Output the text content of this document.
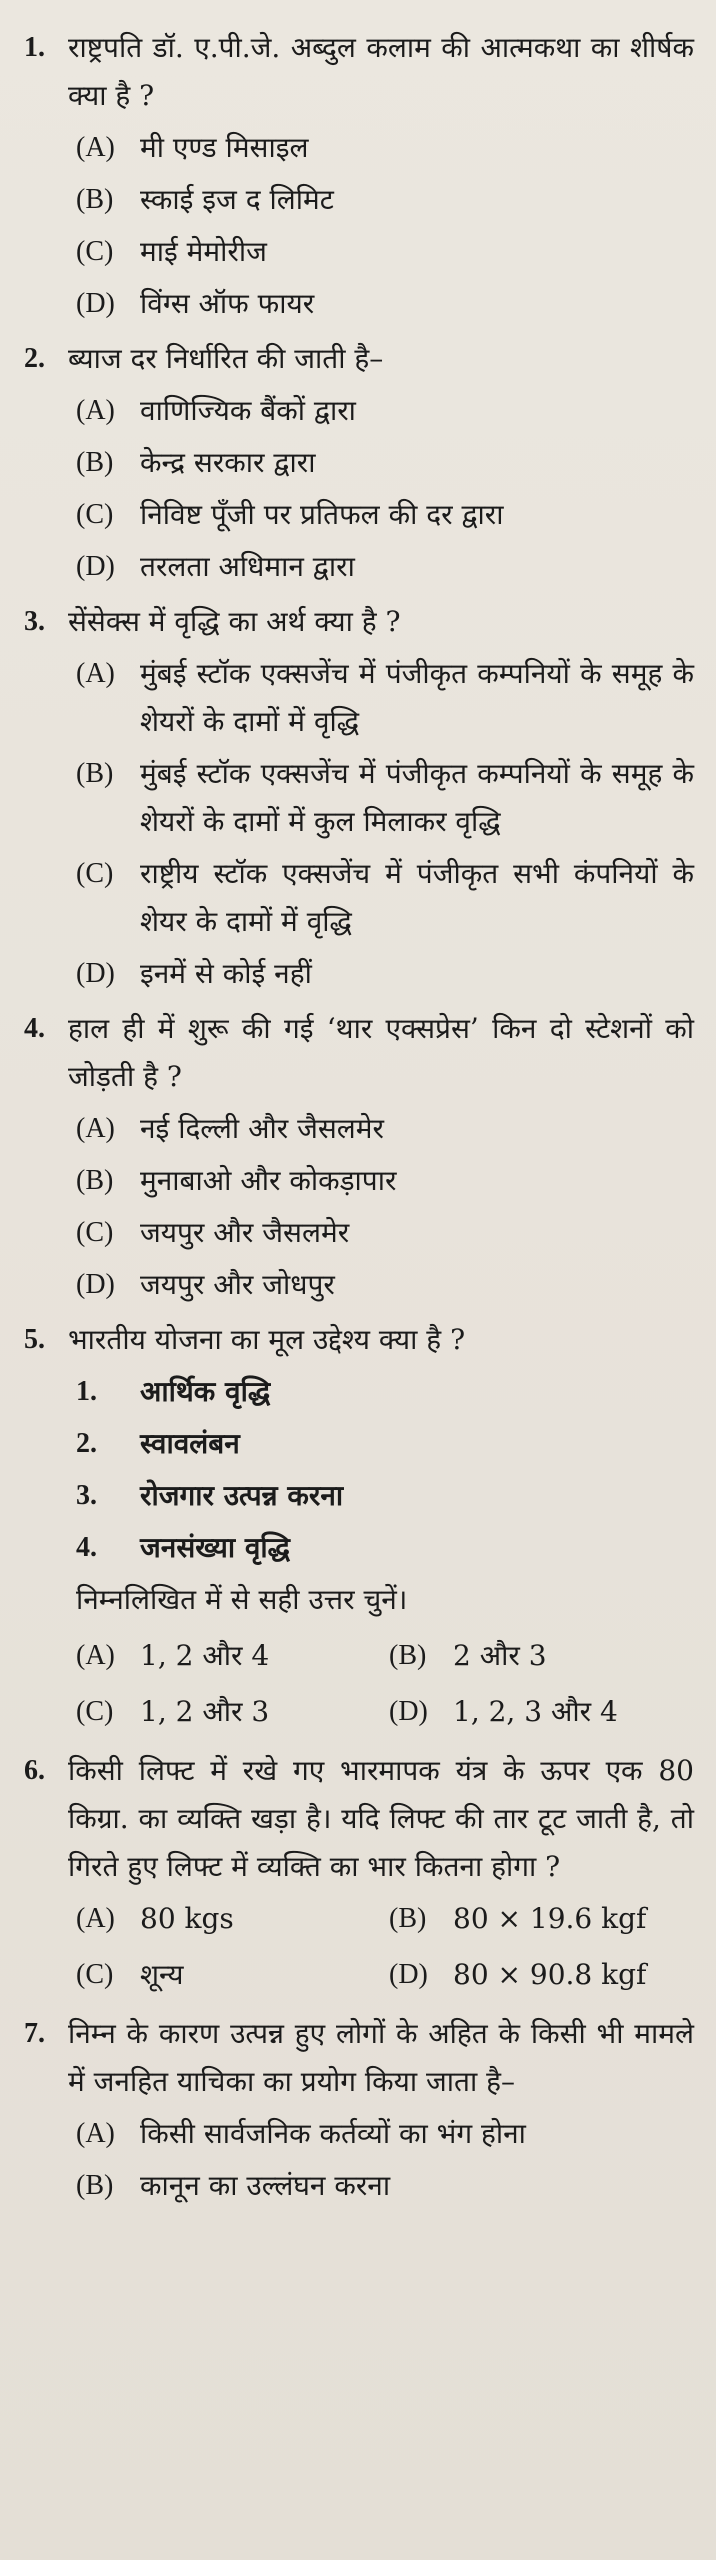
1. राष्ट्रपति डॉ. ए.पी.जे. अब्दुल कलाम की आत्मकथा का शीर्षक क्या है ?
(A) मी एण्ड मिसाइल
(B) स्काई इज द लिमिट
(C) माई मेमोरीज
(D) विंग्स ऑफ फायर
2. ब्याज दर निर्धारित की जाती है–
(A) वाणिज्यिक बैंकों द्वारा
(B) केन्द्र सरकार द्वारा
(C) निविष्ट पूँजी पर प्रतिफल की दर द्वारा
(D) तरलता अधिमान द्वारा
3. सेंसेक्स में वृद्धि का अर्थ क्या है ?
(A) मुंबई स्टॉक एक्सजेंच में पंजीकृत कम्पनियों के समूह के शेयरों के दामों में वृद्धि
(B) मुंबई स्टॉक एक्सजेंच में पंजीकृत कम्पनियों के समूह के शेयरों के दामों में कुल मिलाकर वृद्धि
(C) राष्ट्रीय स्टॉक एक्सजेंच में पंजीकृत सभी कंपनियों के शेयर के दामों में वृद्धि
(D) इनमें से कोई नहीं
4. हाल ही में शुरू की गई ‘थार एक्सप्रेस’ किन दो स्टेशनों को जोड़ती है ?
(A) नई दिल्ली और जैसलमेर
(B) मुनाबाओ और कोकड़ापार
(C) जयपुर और जैसलमेर
(D) जयपुर और जोधपुर
5. भारतीय योजना का मूल उद्देश्य क्या है ?
1.	आर्थिक वृद्धि
2.	स्वावलंबन
3.	रोजगार उत्पन्न करना
4.	जनसंख्या वृद्धि
निम्नलिखित में से सही उत्तर चुनें।
(A) 1, 2 और 4	(B) 2 और 3
(C) 1, 2 और 3	(D) 1, 2, 3 और 4
6. किसी लिफ्ट में रखे गए भारमापक यंत्र के ऊपर एक 80 किग्रा. का व्यक्ति खड़ा है। यदि लिफ्ट की तार टूट जाती है, तो गिरते हुए लिफ्ट में व्यक्ति का भार कितना होगा ?
(A) 80 kgs	(B) 80 × 19.6 kgf
(C) शून्य	(D) 80 × 90.8 kgf
7. निम्न के कारण उत्पन्न हुए लोगों के अहित के किसी भी मामले में जनहित याचिका का प्रयोग किया जाता है–
(A) किसी सार्वजनिक कर्तव्यों का भंग होना
(B) कानून का उल्लंघन करना
